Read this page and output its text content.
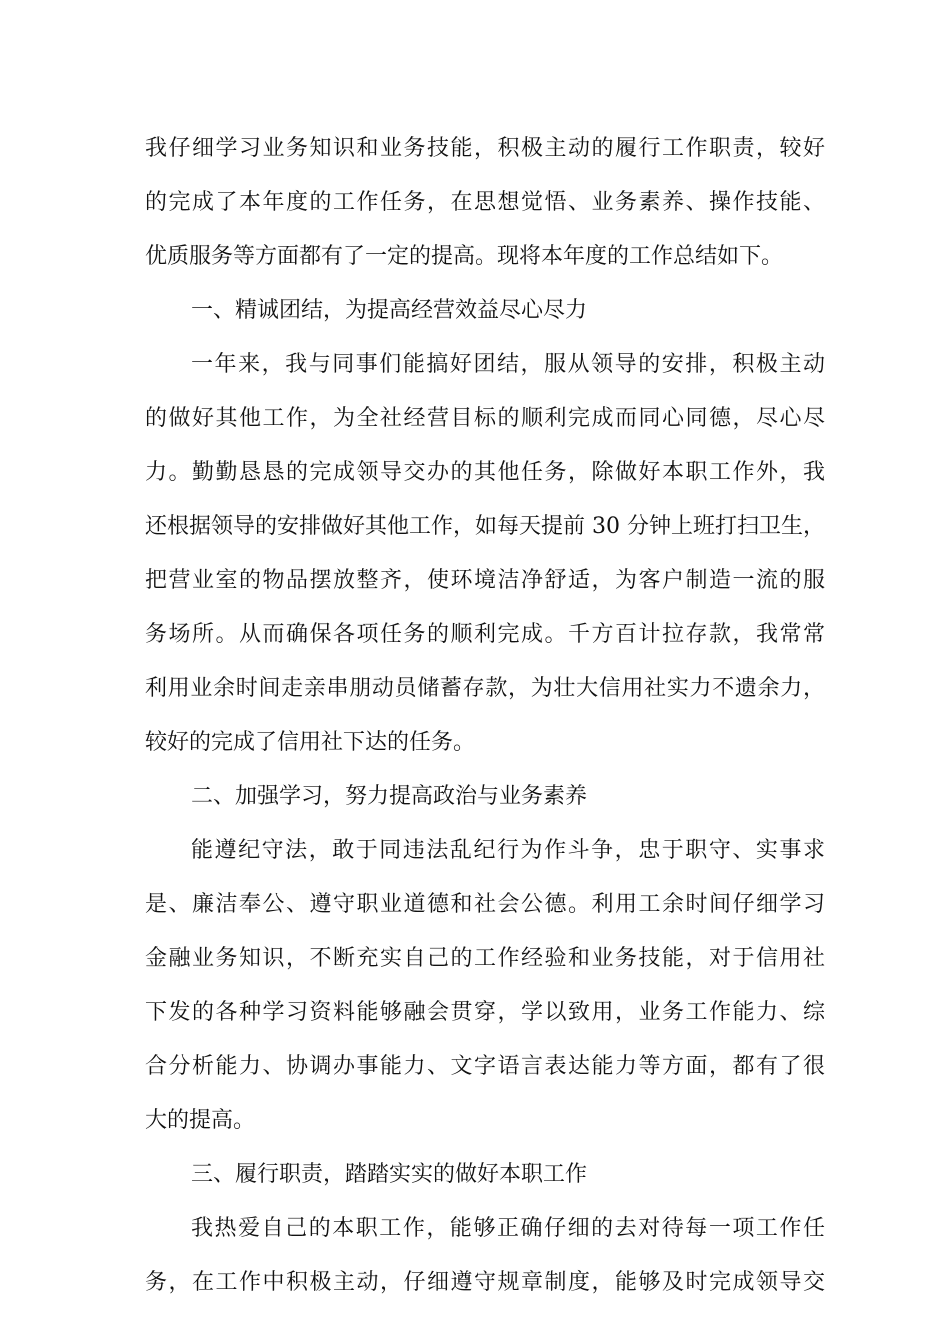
我仔细学习业务知识和业务技能，积极主动的履行工作职责，较好
的完成了本年度的工作任务，在思想觉悟、业务素养、操作技能、
优质服务等方面都有了一定的提高。现将本年度的工作总结如下。
一、精诚团结，为提高经营效益尽心尽力
一年来，我与同事们能搞好团结，服从领导的安排，积极主动
的做好其他工作，为全社经营目标的顺利完成而同心同德，尽心尽
力。勤勤恳恳的完成领导交办的其他任务，除做好本职工作外，我
还根据领导的安排做好其他工作，如每天提前 30 分钟上班打扫卫生，
把营业室的物品摆放整齐，使环境洁净舒适，为客户制造一流的服
务场所。从而确保各项任务的顺利完成。千方百计拉存款，我常常
利用业余时间走亲串朋动员储蓄存款，为壮大信用社实力不遗余力，
较好的完成了信用社下达的任务。
二、加强学习，努力提高政治与业务素养
能遵纪守法，敢于同违法乱纪行为作斗争，忠于职守、实事求
是、廉洁奉公、遵守职业道德和社会公德。利用工余时间仔细学习
金融业务知识，不断充实自己的工作经验和业务技能，对于信用社
下发的各种学习资料能够融会贯穿，学以致用，业务工作能力、综
合分析能力、协调办事能力、文字语言表达能力等方面，都有了很
大的提高。
三、履行职责，踏踏实实的做好本职工作
我热爱自己的本职工作，能够正确仔细的去对待每一项工作任
务，在工作中积极主动，仔细遵守规章制度，能够及时完成领导交
